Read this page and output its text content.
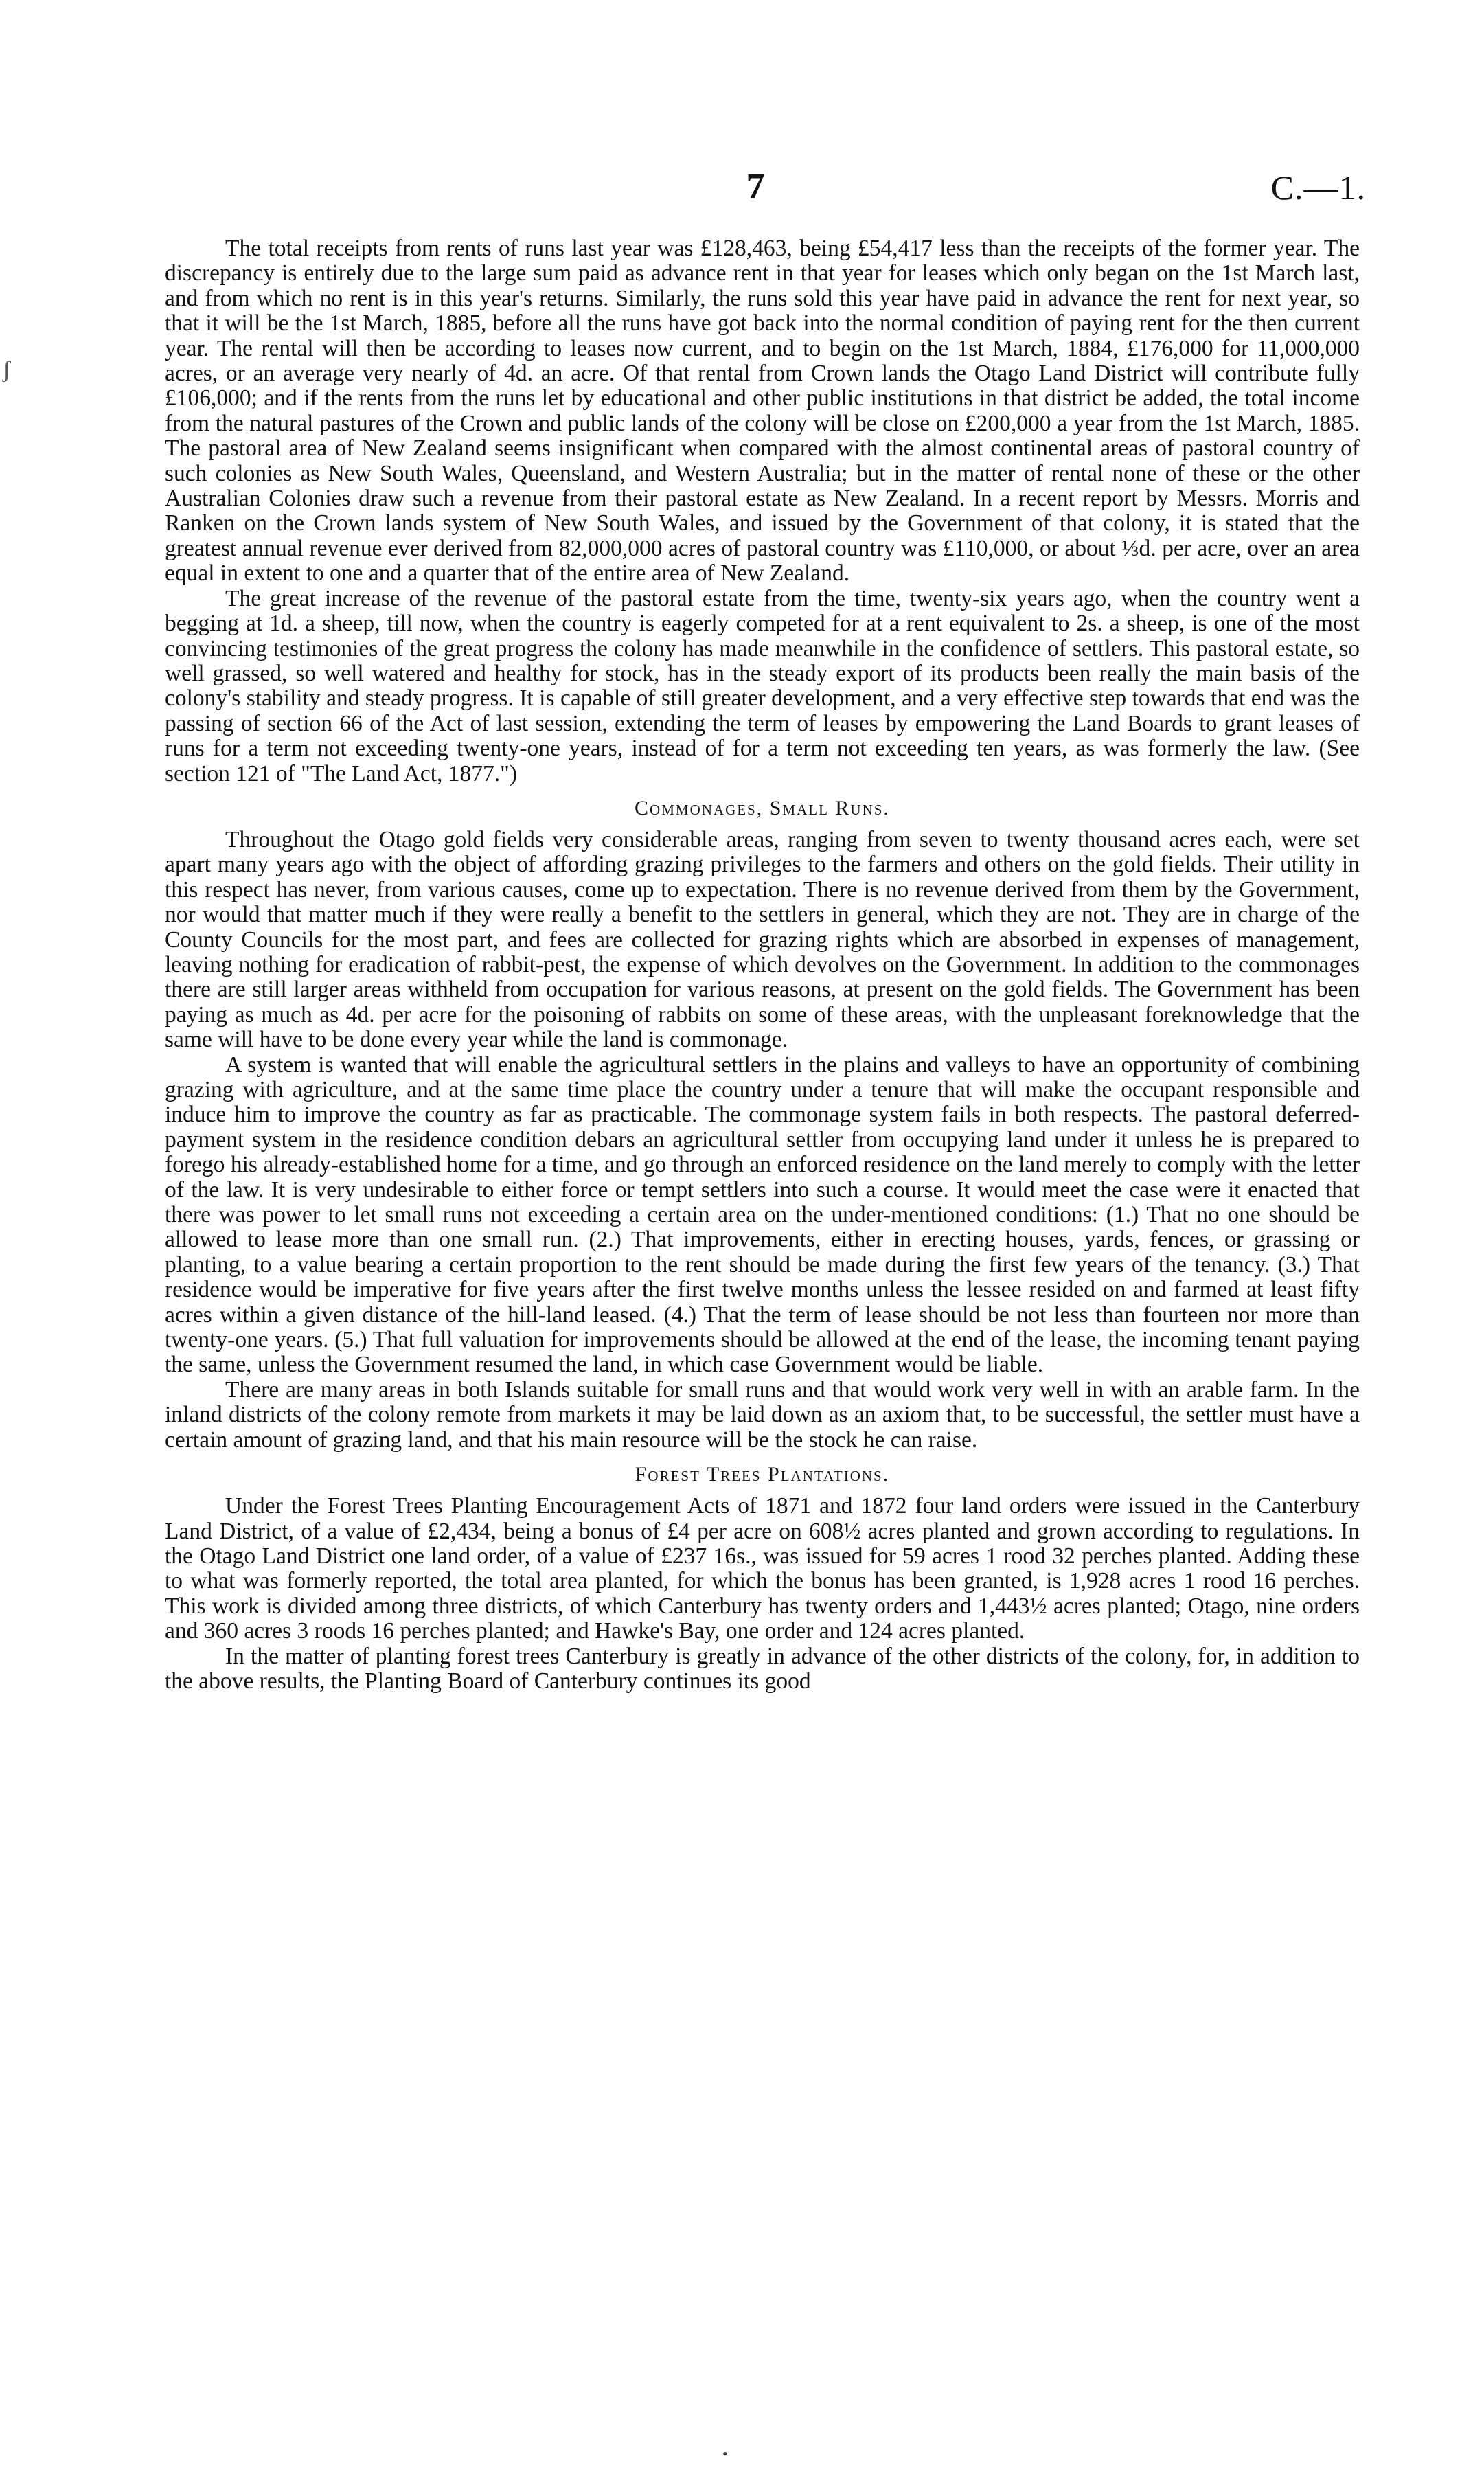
7	C.—1.
ʃ

The total receipts from rents of runs last year was £128,463, being £54,417 less than the receipts of the former year. The discrepancy is entirely due to the large sum paid as advance rent in that year for leases which only began on the 1st March last, and from which no rent is in this year's returns. Similarly, the runs sold this year have paid in advance the rent for next year, so that it will be the 1st March, 1885, before all the runs have got back into the normal condition of paying rent for the then current year. The rental will then be according to leases now current, and to begin on the 1st March, 1884, £176,000 for 11,000,000 acres, or an average very nearly of 4d. an acre. Of that rental from Crown lands the Otago Land District will contribute fully £106,000; and if the rents from the runs let by educational and other public institutions in that district be added, the total income from the natural pastures of the Crown and public lands of the colony will be close on £200,000 a year from the 1st March, 1885. The pastoral area of New Zealand seems insignificant when compared with the almost continental areas of pastoral country of such colonies as New South Wales, Queensland, and Western Australia; but in the matter of rental none of these or the other Australian Colonies draw such a revenue from their pastoral estate as New Zealand. In a recent report by Messrs. Morris and Ranken on the Crown lands system of New South Wales, and issued by the Government of that colony, it is stated that the greatest annual revenue ever derived from 82,000,000 acres of pastoral country was £110,000, or about ⅓d. per acre, over an area equal in extent to one and a quarter that of the entire area of New Zealand.

The great increase of the revenue of the pastoral estate from the time, twenty-six years ago, when the country went a begging at 1d. a sheep, till now, when the country is eagerly competed for at a rent equivalent to 2s. a sheep, is one of the most convincing testimonies of the great progress the colony has made meanwhile in the confidence of settlers. This pastoral estate, so well grassed, so well watered and healthy for stock, has in the steady export of its products been really the main basis of the colony's stability and steady progress. It is capable of still greater development, and a very effective step towards that end was the passing of section 66 of the Act of last session, extending the term of leases by empowering the Land Boards to grant leases of runs for a term not exceeding twenty-one years, instead of for a term not exceeding ten years, as was formerly the law. (See section 121 of "The Land Act, 1877.")

Commonages, Small Runs.

Throughout the Otago gold fields very considerable areas, ranging from seven to twenty thousand acres each, were set apart many years ago with the object of affording grazing privileges to the farmers and others on the gold fields. Their utility in this respect has never, from various causes, come up to expectation. There is no revenue derived from them by the Government, nor would that matter much if they were really a benefit to the settlers in general, which they are not. They are in charge of the County Councils for the most part, and fees are collected for grazing rights which are absorbed in expenses of management, leaving nothing for eradication of rabbit-pest, the expense of which devolves on the Government. In addition to the commonages there are still larger areas withheld from occupation for various reasons, at present on the gold fields. The Government has been paying as much as 4d. per acre for the poisoning of rabbits on some of these areas, with the unpleasant foreknowledge that the same will have to be done every year while the land is commonage.

A system is wanted that will enable the agricultural settlers in the plains and valleys to have an opportunity of combining grazing with agriculture, and at the same time place the country under a tenure that will make the occupant responsible and induce him to improve the country as far as practicable. The commonage system fails in both respects. The pastoral deferred-payment system in the residence condition debars an agricultural settler from occupying land under it unless he is prepared to forego his already-established home for a time, and go through an enforced residence on the land merely to comply with the letter of the law. It is very undesirable to either force or tempt settlers into such a course. It would meet the case were it enacted that there was power to let small runs not exceeding a certain area on the under-mentioned conditions: (1.) That no one should be allowed to lease more than one small run. (2.) That improvements, either in erecting houses, yards, fences, or grassing or planting, to a value bearing a certain proportion to the rent should be made during the first few years of the tenancy. (3.) That residence would be imperative for five years after the first twelve months unless the lessee resided on and farmed at least fifty acres within a given distance of the hill-land leased. (4.) That the term of lease should be not less than fourteen nor more than twenty-one years. (5.) That full valuation for improvements should be allowed at the end of the lease, the incoming tenant paying the same, unless the Government resumed the land, in which case Government would be liable.

There are many areas in both Islands suitable for small runs and that would work very well in with an arable farm. In the inland districts of the colony remote from markets it may be laid down as an axiom that, to be successful, the settler must have a certain amount of grazing land, and that his main resource will be the stock he can raise.

Forest Trees Plantations.

Under the Forest Trees Planting Encouragement Acts of 1871 and 1872 four land orders were issued in the Canterbury Land District, of a value of £2,434, being a bonus of £4 per acre on 608½ acres planted and grown according to regulations. In the Otago Land District one land order, of a value of £237 16s., was issued for 59 acres 1 rood 32 perches planted. Adding these to what was formerly reported, the total area planted, for which the bonus has been granted, is 1,928 acres 1 rood 16 perches. This work is divided among three districts, of which Canterbury has twenty orders and 1,443½ acres planted; Otago, nine orders and 360 acres 3 roods 16 perches planted; and Hawke's Bay, one order and 124 acres planted.

In the matter of planting forest trees Canterbury is greatly in advance of the other districts of the colony, for, in addition to the above results, the Planting Board of Canterbury continues its good

•
